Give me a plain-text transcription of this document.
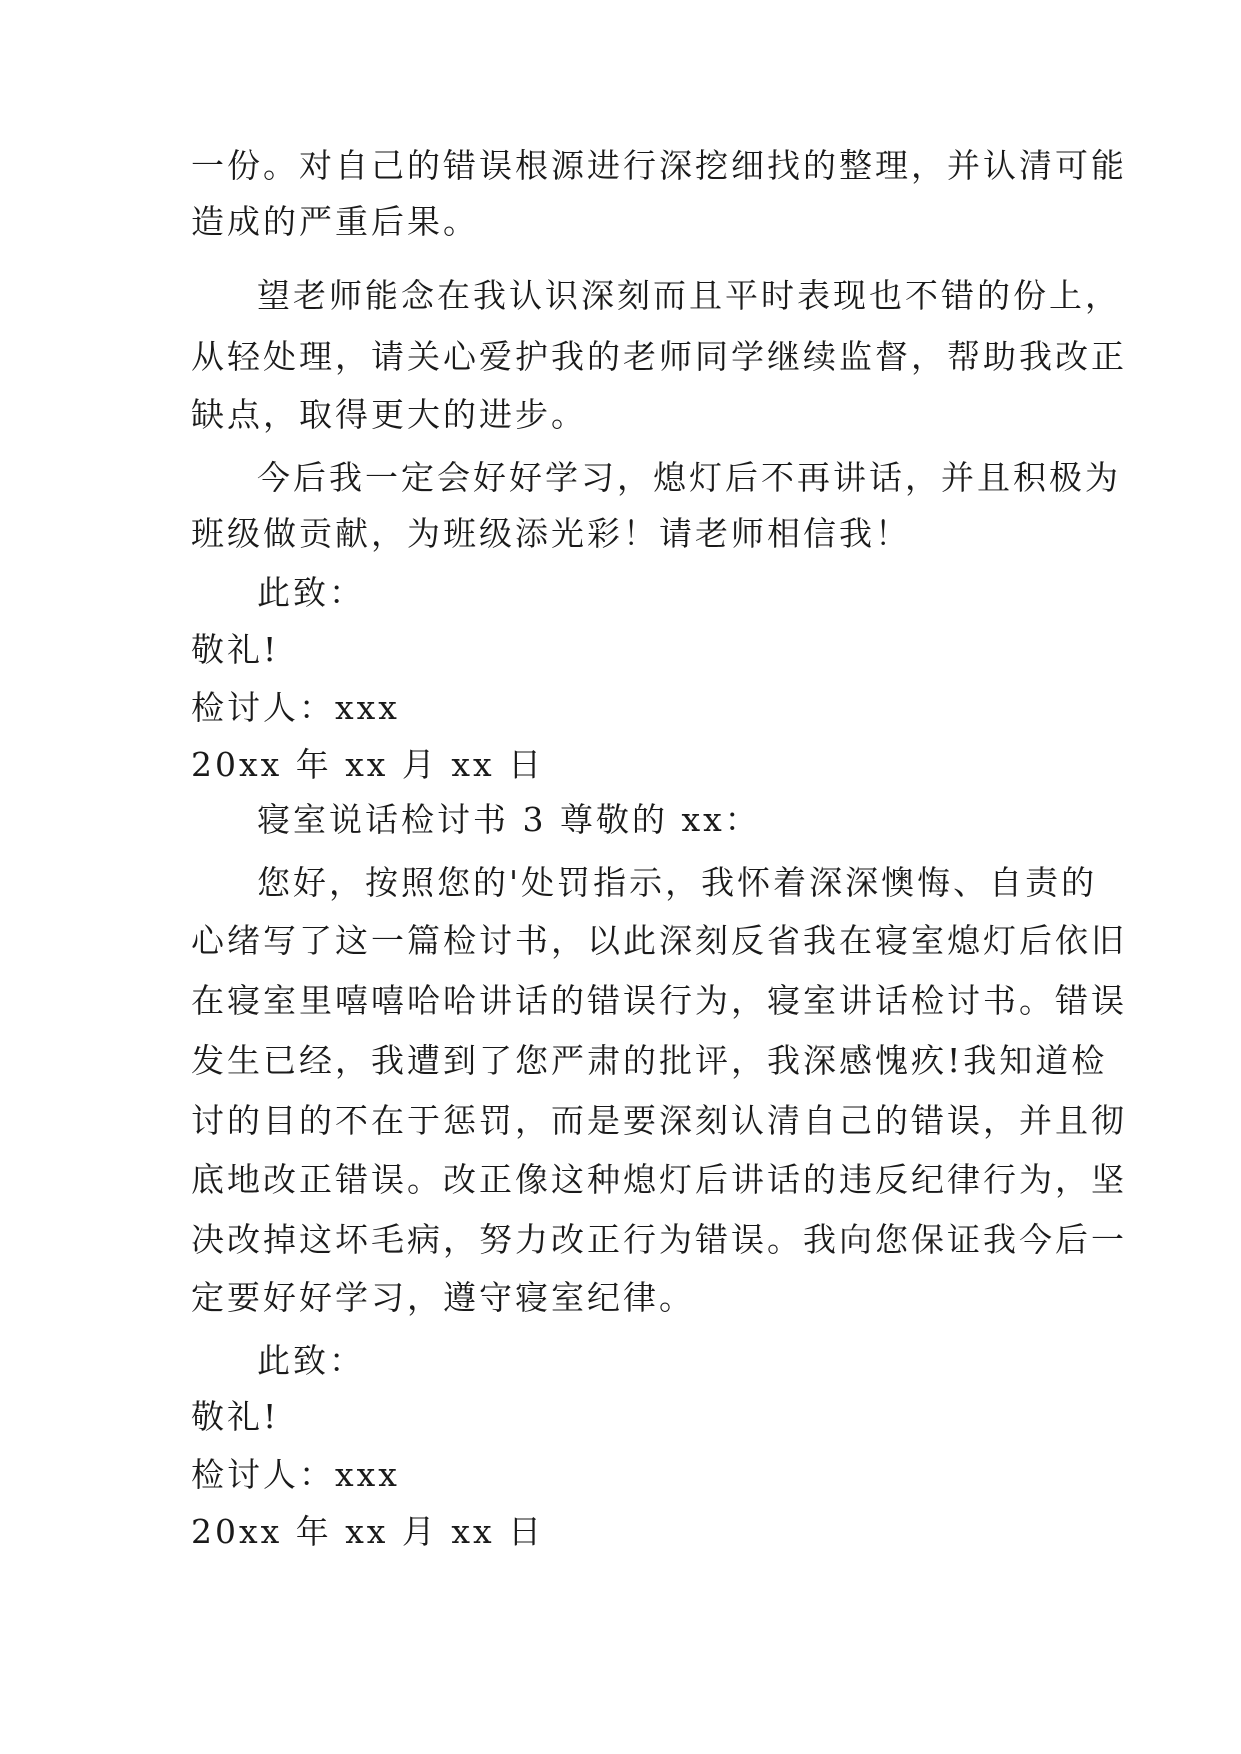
一份。对自己的错误根源进行深挖细找的整理，并认清可能
造成的严重后果。
望老师能念在我认识深刻而且平时表现也不错的份上，
从轻处理，请关心爱护我的老师同学继续监督，帮助我改正
缺点，取得更大的进步。
今后我一定会好好学习，熄灯后不再讲话，并且积极为
班级做贡献，为班级添光彩！请老师相信我！
此致：
敬礼!
检讨人：xxx
20xx 年 xx 月 xx 日
寝室说话检讨书 3 尊敬的 xx：
您好，按照您的'处罚指示，我怀着深深懊悔、自责的
心绪写了这一篇检讨书，以此深刻反省我在寝室熄灯后依旧
在寝室里嘻嘻哈哈讲话的错误行为，寝室讲话检讨书。错误
发生已经，我遭到了您严肃的批评，我深感愧疚!我知道检
讨的目的不在于惩罚，而是要深刻认清自己的错误，并且彻
底地改正错误。改正像这种熄灯后讲话的违反纪律行为，坚
决改掉这坏毛病，努力改正行为错误。我向您保证我今后一
定要好好学习，遵守寝室纪律。
此致：
敬礼!
检讨人：xxx
20xx 年 xx 月 xx 日
